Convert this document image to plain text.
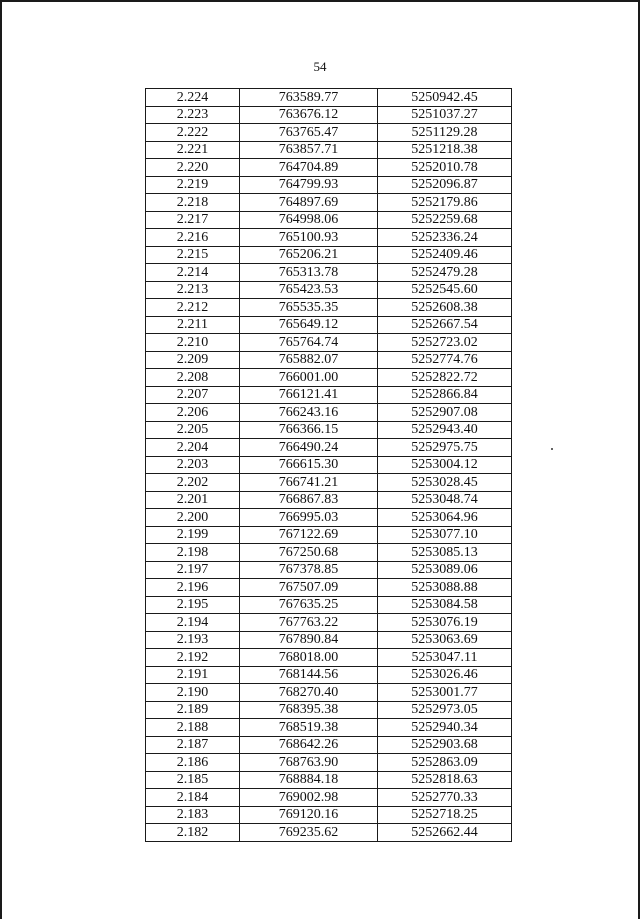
54
2.224	763589.77	5250942.45
2.223	763676.12	5251037.27
2.222	763765.47	5251129.28
2.221	763857.71	5251218.38
2.220	764704.89	5252010.78
2.219	764799.93	5252096.87
2.218	764897.69	5252179.86
2.217	764998.06	5252259.68
2.216	765100.93	5252336.24
2.215	765206.21	5252409.46
2.214	765313.78	5252479.28
2.213	765423.53	5252545.60
2.212	765535.35	5252608.38
2.211	765649.12	5252667.54
2.210	765764.74	5252723.02
2.209	765882.07	5252774.76
2.208	766001.00	5252822.72
2.207	766121.41	5252866.84
2.206	766243.16	5252907.08
2.205	766366.15	5252943.40
2.204	766490.24	5252975.75
2.203	766615.30	5253004.12
2.202	766741.21	5253028.45
2.201	766867.83	5253048.74
2.200	766995.03	5253064.96
2.199	767122.69	5253077.10
2.198	767250.68	5253085.13
2.197	767378.85	5253089.06
2.196	767507.09	5253088.88
2.195	767635.25	5253084.58
2.194	767763.22	5253076.19
2.193	767890.84	5253063.69
2.192	768018.00	5253047.11
2.191	768144.56	5253026.46
2.190	768270.40	5253001.77
2.189	768395.38	5252973.05
2.188	768519.38	5252940.34
2.187	768642.26	5252903.68
2.186	768763.90	5252863.09
2.185	768884.18	5252818.63
2.184	769002.98	5252770.33
2.183	769120.16	5252718.25
2.182	769235.62	5252662.44
